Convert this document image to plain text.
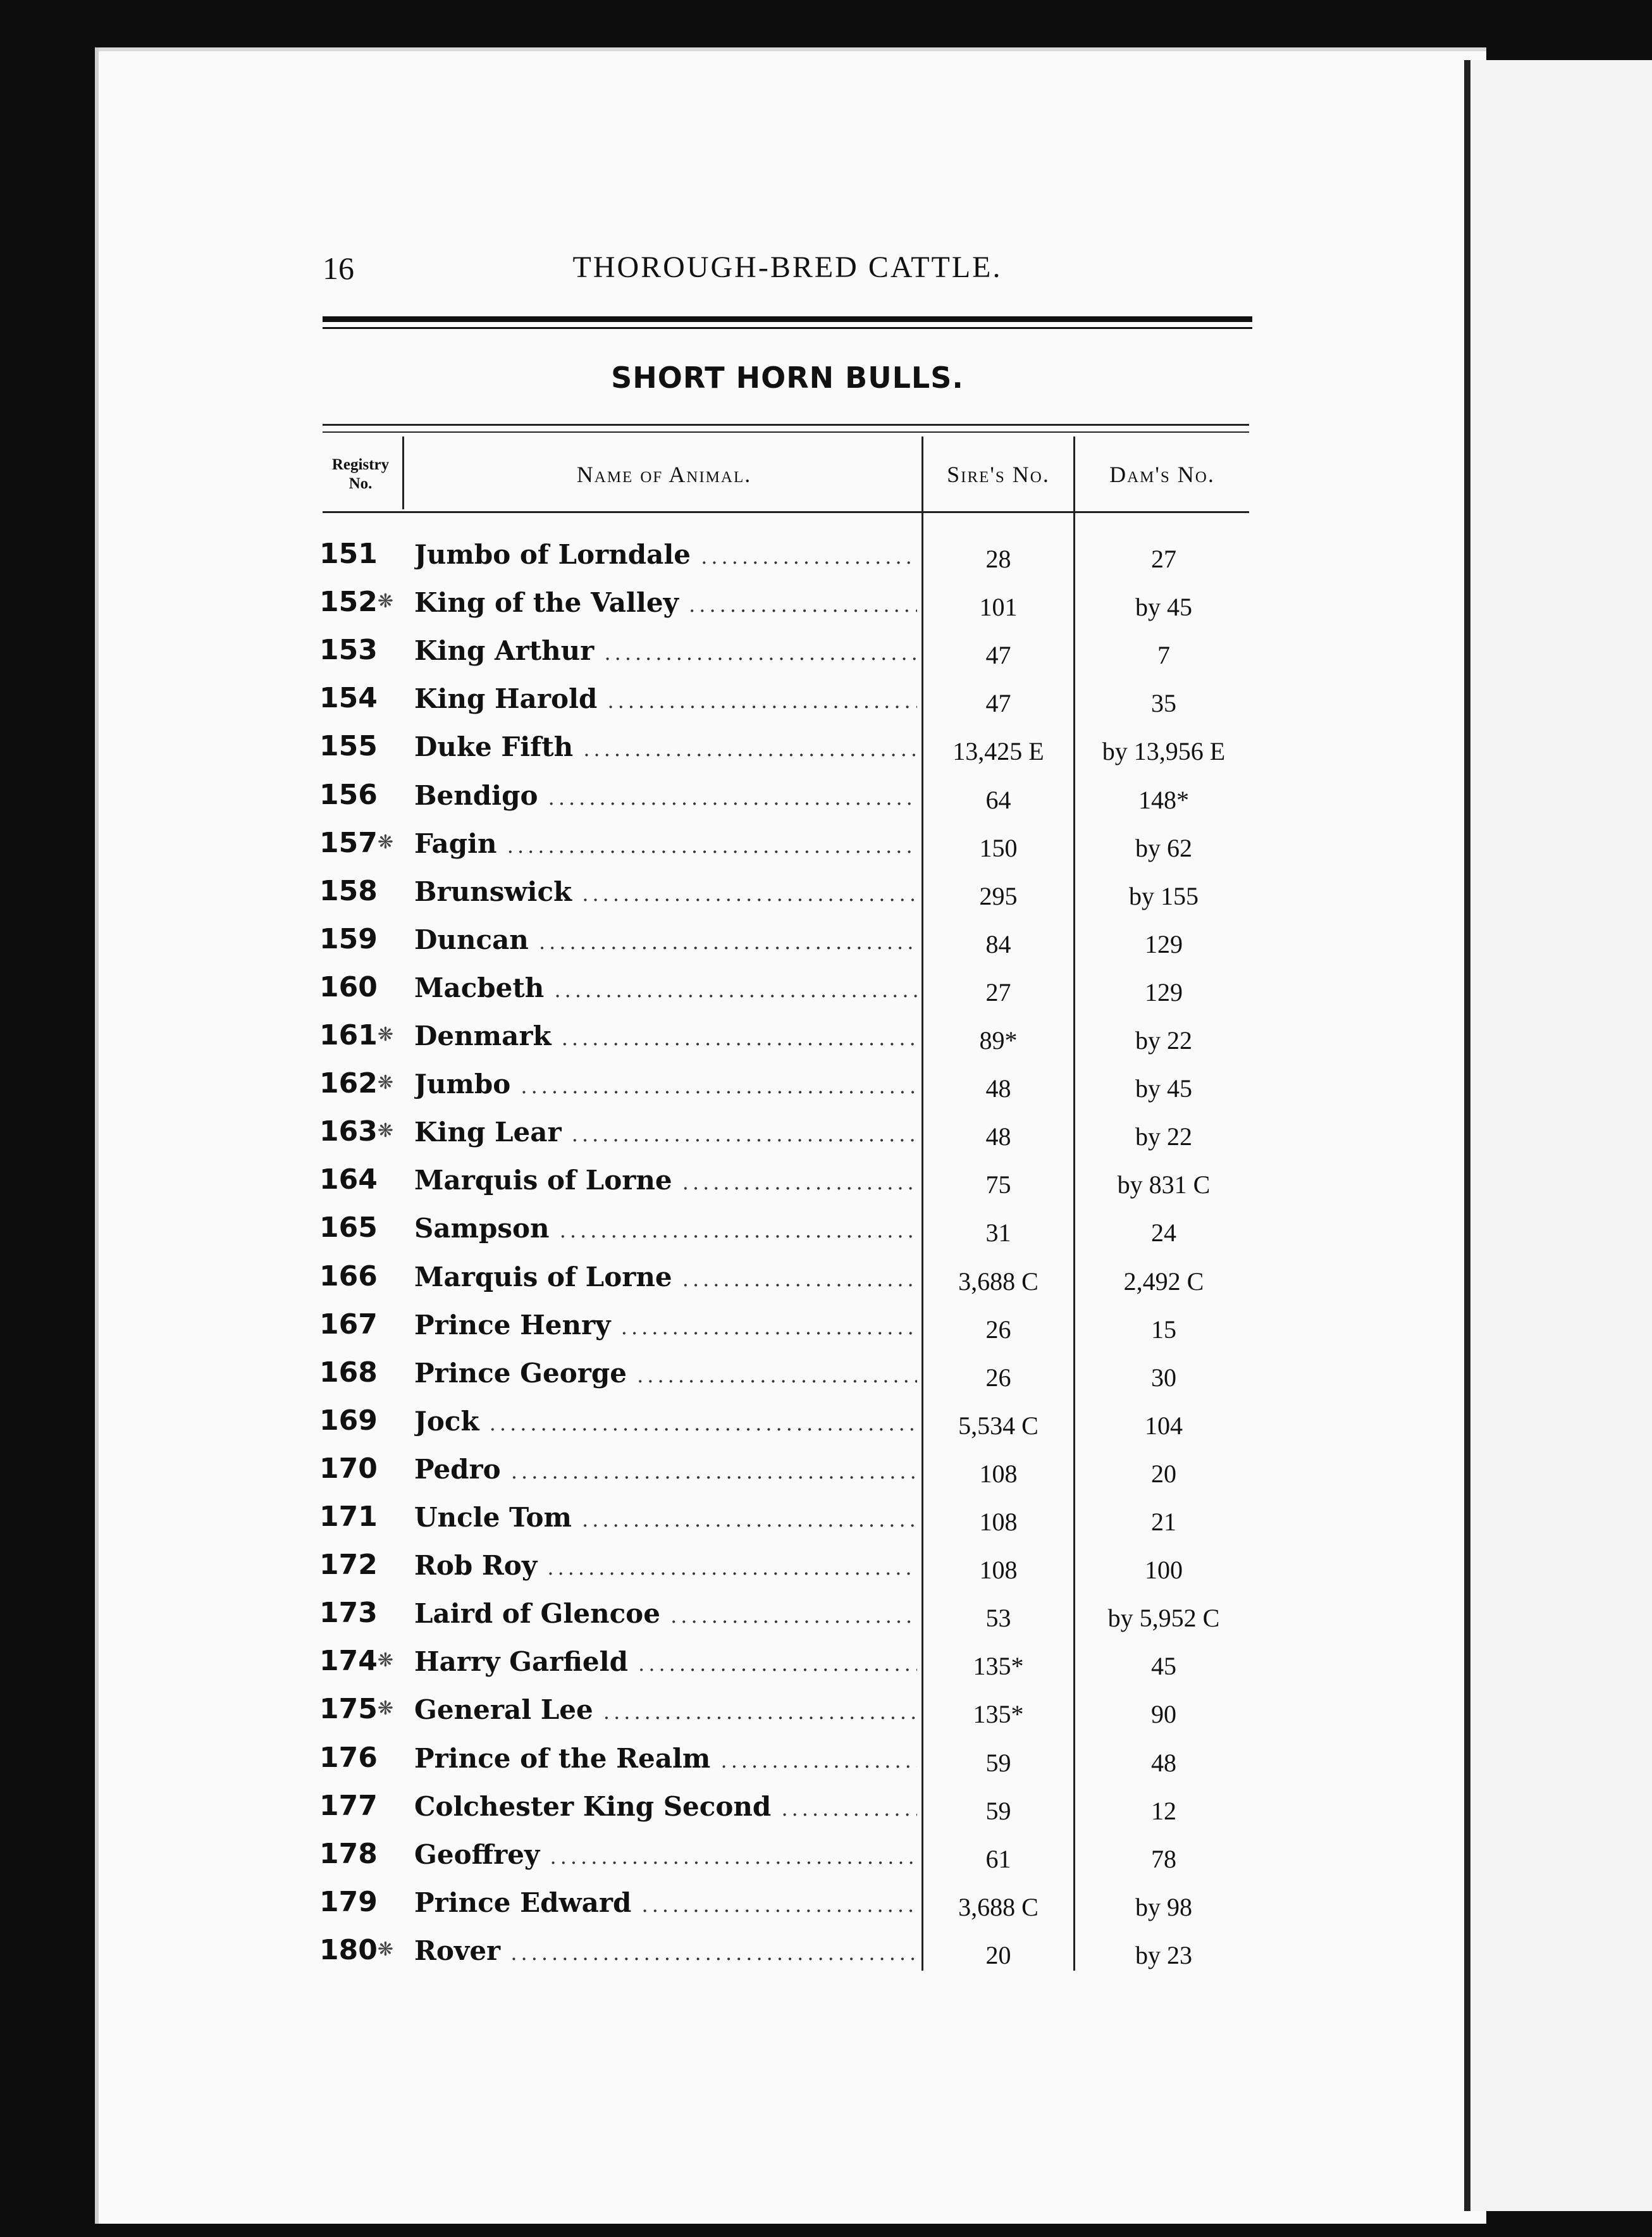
16	THOROUGH-BRED CATTLE.
SHORT HORN BULLS.
Registry
No.	Name of Animal.	Sire's No.	Dam's No.
151	Jumbo of Lorndale .....	28	27
152❋ King of the Valley .....	101	by 45
153	King Arthur .....	47	7
154	King Harold .....	47	35
155	Duke Fifth .....	13,425 E	by 13,956 E
156	Bendigo .....	64	148*
157❋ Fagin .....	150	by 62
158	Brunswick .....	295	by 155
159	Duncan .....	84	129
160	Macbeth .....	27	129
161❋ Denmark .....	89*	by 22
162❋ Jumbo .....	48	by 45
163❋ King Lear .....	48	by 22
164	Marquis of Lorne .....	75	by 831 C
165	Sampson .....	31	24
166	Marquis of Lorne .....	3,688 C	2,492 C
167	Prince Henry .....	26	15
168	Prince George .....	26	30
169	Jock .....	5,534 C	104
170	Pedro .....	108	20
171	Uncle Tom .....	108	21
172	Rob Roy .....	108	100
173	Laird of Glencoe .....	53	by 5,952 C
174❋ Harry Garfield .....	135*	45
175❋ General Lee .....	135*	90
176	Prince of the Realm .....	59	48
177	Colchester King Second .....	59	12
178	Geoffrey .....	61	78
179	Prince Edward .....	3,688 C	by 98
180❋ Rover .....	20	by 23
